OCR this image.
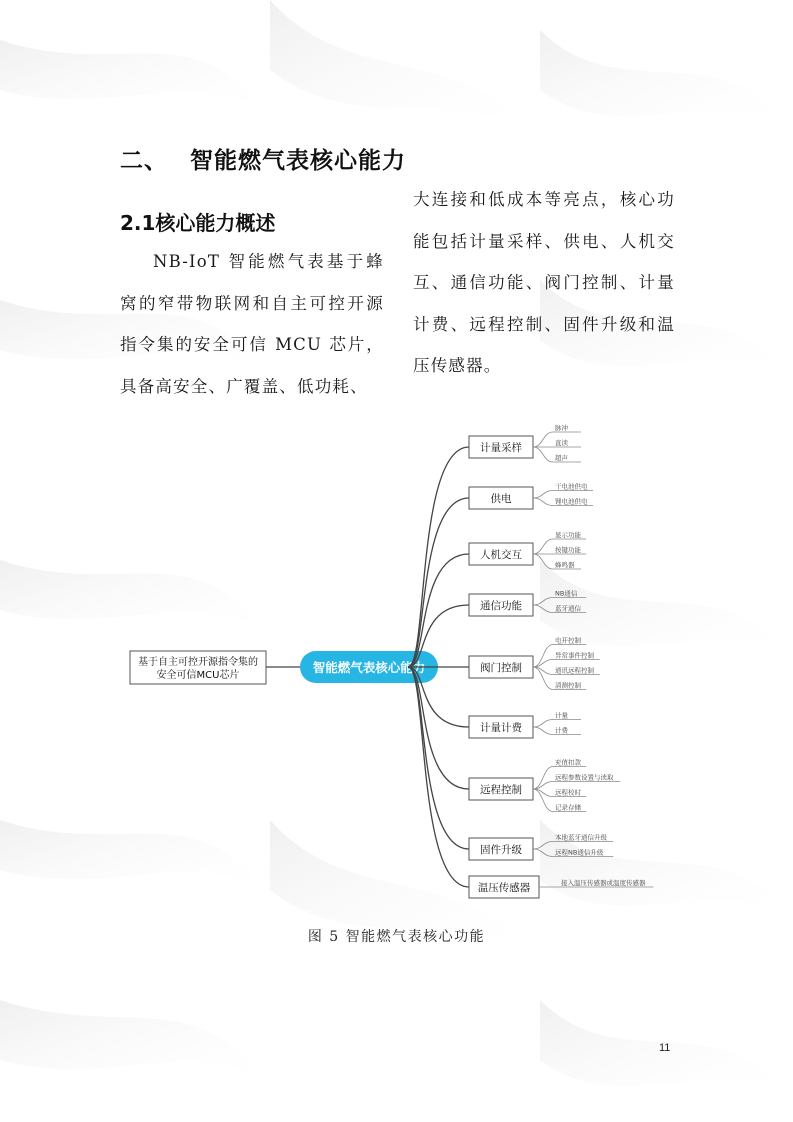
二、 智能燃气表核心能力
2.1核心能力概述
NB-IoT 智能燃气表基于蜂窝的窄带物联网和自主可控开源指令集的安全可信 MCU 芯片，具备高安全、广覆盖、低功耗、
大连接和低成本等亮点，核心功能包括计量采样、供电、人机交互、通信功能、阀门控制、计量计费、远程控制、固件升级和温压传感器。
基于自主可控开源指令集的
安全可信MCU芯片
智能燃气表核心能力
计量采样
脉冲
直读
超声
供电
干电池供电
锂电池供电
人机交互
显示功能
按键功能
蜂鸣器
通信功能
NB通信
蓝牙通信
阀门控制
电开控制
异常事件控制
通讯远程控制
清测控制
计量计费
计量
计费
远程控制
充值扣款
远程参数设置与读取
远程校时
记录存储
固件升级
本地蓝牙通信升级
远程NB通信升级
温压传感器	接入温压传感器或温度传感器
图 5 智能燃气表核心功能
11
